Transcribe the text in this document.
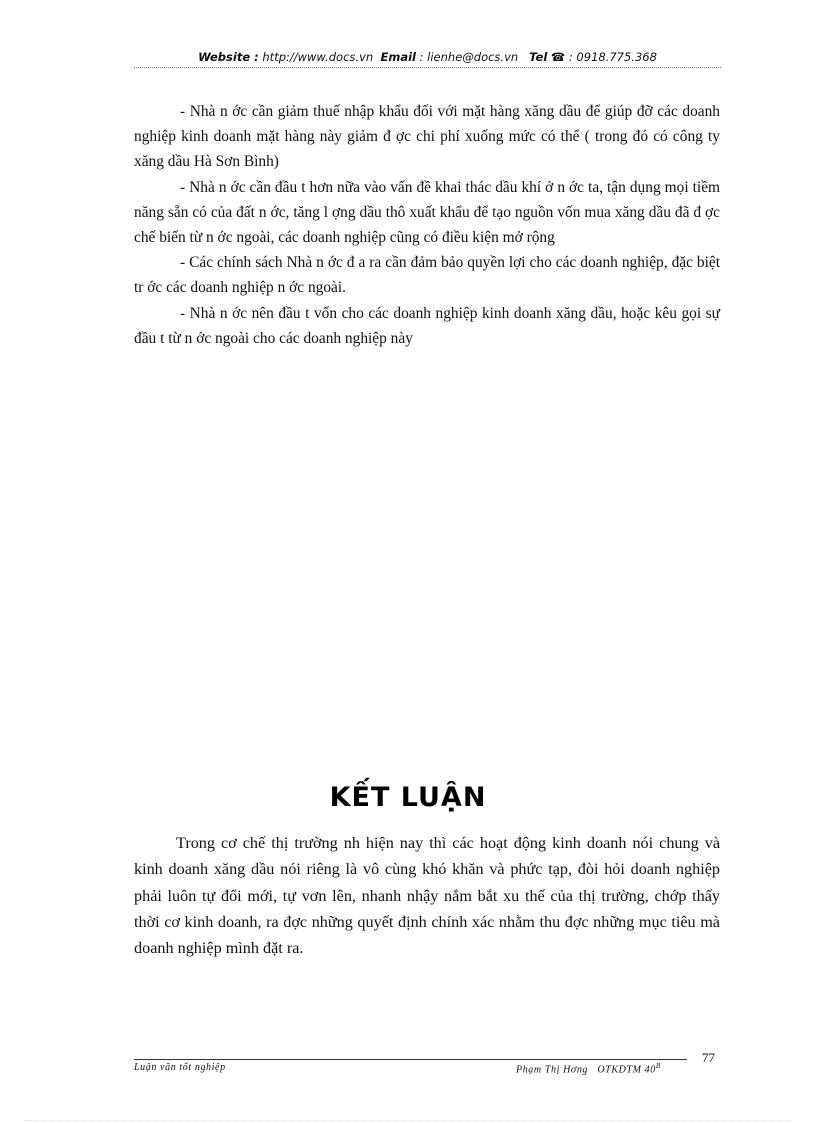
Website : http://www.docs.vn Email : lienhe@docs.vn Tel ☎ : 0918.775.368

- Nhà n ớc cần giảm thuế nhập khẩu đối với mặt hàng xăng dầu để giúp đỡ các doanh nghiệp kinh doanh mặt hàng này giảm đ ợc chi phí xuống mức có thể ( trong đó có công ty xăng dầu Hà Sơn Bình)

- Nhà n ớc cần đầu t hơn nữa vào vấn đề khai thác dầu khí ở n ớc ta, tận dụng mọi tiềm năng sẵn có của đất n ớc, tăng l ợng dầu thô xuất khẩu để tạo nguồn vốn mua xăng dầu đã đ ợc chế biến từ n ớc ngoài, các doanh nghiệp cũng có điều kiện mở rộng

- Các chính sách Nhà n ớc đ a ra cần đảm bảo quyền lợi cho các doanh nghiệp, đặc biệt tr ớc các doanh nghiệp n ớc ngoài.

- Nhà n ớc nên đầu t vốn cho các doanh nghiệp kinh doanh xăng dầu, hoặc kêu gọi sự đầu t từ n ớc ngoài cho các doanh nghiệp này

KẾT LUẬN

Trong cơ chế thị trường nh hiện nay thì các hoạt động kinh doanh nói chung và kinh doanh xăng dầu nói riêng là vô cùng khó khăn và phức tạp, đòi hỏi doanh nghiệp phải luôn tự đổi mới, tự vơn lên, nhanh nhậy nắm bắt xu thế của thị trường, chớp thấy thời cơ kinh doanh, ra đợc những quyết định chính xác nhằm thu đợc những mục tiêu mà doanh nghiệp mình đặt ra.

Luận văn tốt nghiệp	Phạm Thị Hơng OTKDTM $40^B$
77
